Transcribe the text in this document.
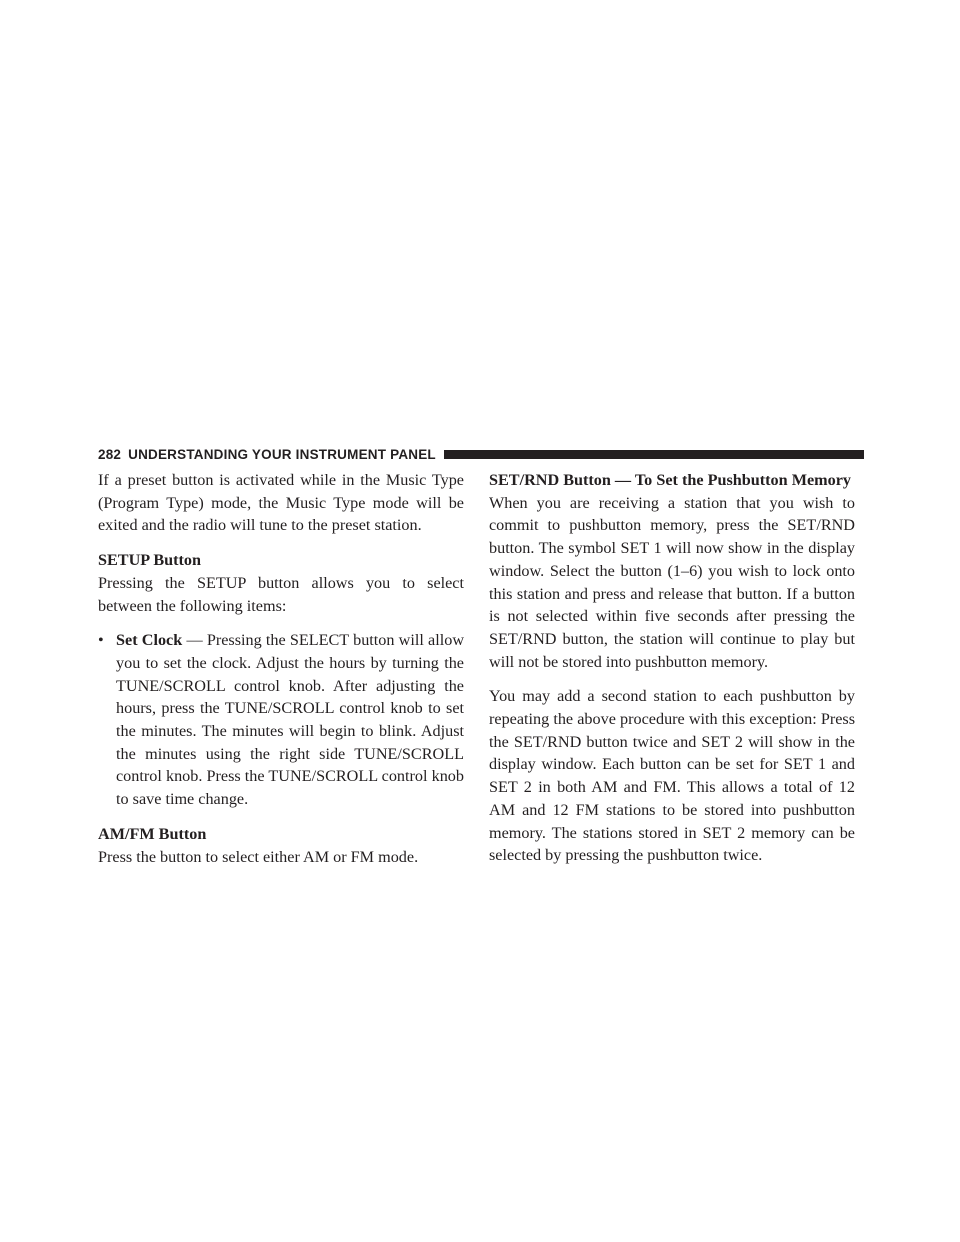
282 UNDERSTANDING YOUR INSTRUMENT PANEL

If a preset button is activated while in the Music Type (Program Type) mode, the Music Type mode will be exited and the radio will tune to the preset station.

SETUP Button

Pressing the SETUP button allows you to select between the following items:

• Set Clock — Pressing the SELECT button will allow you to set the clock. Adjust the hours by turning the TUNE/SCROLL control knob. After adjusting the hours, press the TUNE/SCROLL control knob to set the minutes. The minutes will begin to blink. Adjust the minutes using the right side TUNE/SCROLL control knob. Press the TUNE/SCROLL control knob to save time change.
AM/FM Button

Press the button to select either AM or FM mode.

SET/RND Button — To Set the Pushbutton Memory

When you are receiving a station that you wish to commit to pushbutton memory, press the SET/RND button. The symbol SET 1 will now show in the display window. Select the button (1–6) you wish to lock onto this station and press and release that button. If a button is not selected within five seconds after pressing the SET/RND button, the station will continue to play but will not be stored into pushbutton memory.

You may add a second station to each pushbutton by repeating the above procedure with this exception: Press the SET/RND button twice and SET 2 will show in the display window. Each button can be set for SET 1 and SET 2 in both AM and FM. This allows a total of 12 AM and 12 FM stations to be stored into pushbutton memory. The stations stored in SET 2 memory can be selected by pressing the pushbutton twice.
